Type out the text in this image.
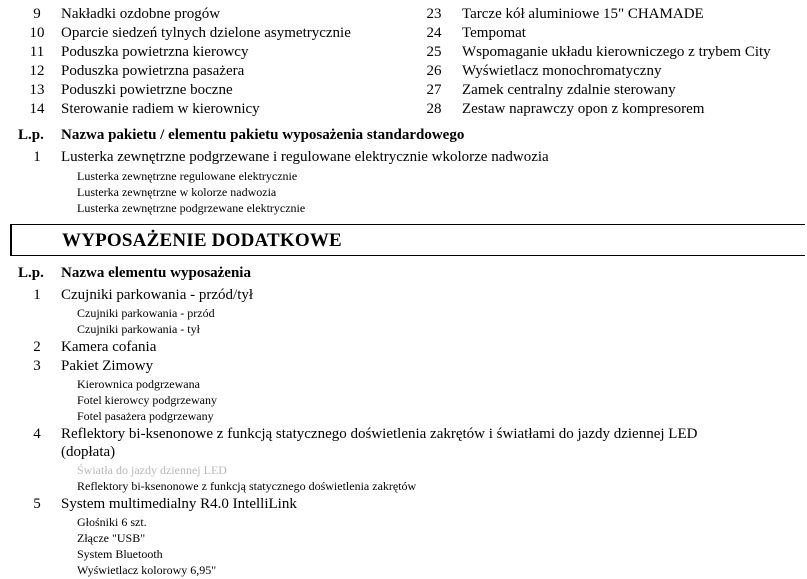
9	Nakładki ozdobne progów
10	Oparcie siedzeń tylnych dzielone asymetrycznie
11	Poduszka powietrzna kierowcy
12	Poduszka powietrzna pasażera
13	Poduszki powietrzne boczne
14	Sterowanie radiem w kierownicy
23	Tarcze kół aluminiowe 15" CHAMADE
24	Tempomat
25	Wspomaganie układu kierowniczego z trybem City
26	Wyświetlacz monochromatyczny
27	Zamek centralny zdalnie sterowany
28	Zestaw naprawczy opon z kompresorem
L.p. Nazwa pakietu / elementu pakietu wyposażenia standardowego
1	Lusterka zewnętrzne podgrzewane i regulowane elektrycznie wkolorze nadwozia
Lusterka zewnętrzne regulowane elektrycznie
Lusterka zewnętrzne w kolorze nadwozia
Lusterka zewnętrzne podgrzewane elektrycznie
WYPOSAŻENIE DODATKOWE
L.p. Nazwa elementu wyposażenia
1	Czujniki parkowania - przód/tył
Czujniki parkowania - przód
Czujniki parkowania - tył
2	Kamera cofania
3	Pakiet Zimowy
Kierownica podgrzewana
Fotel kierowcy podgrzewany
Fotel pasażera podgrzewany
4	Reflektory bi-ksenonowe z funkcją statycznego doświetlenia zakrętów i światłami do jazdy dziennej LED
(dopłata)
Światła do jazdy dziennej LED
Reflektory bi-ksenonowe z funkcją statycznego doświetlenia zakrętów
5	System multimedialny R4.0 IntelliLink
Głośniki 6 szt.
Złącze "USB"
System Bluetooth
Wyświetlacz kolorowy 6,95"
